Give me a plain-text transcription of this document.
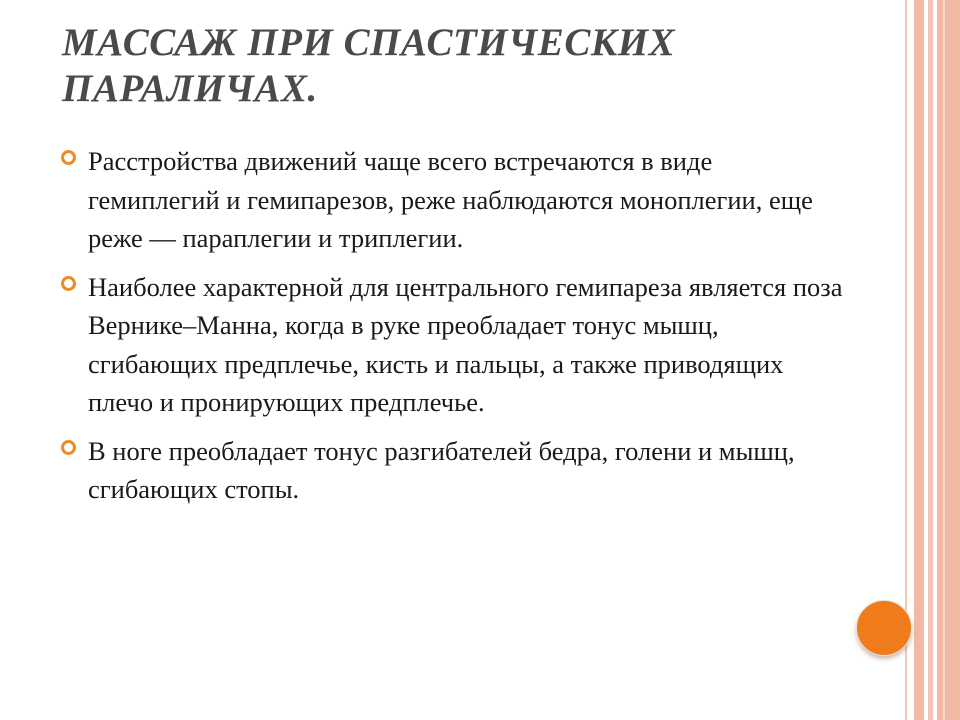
МАССАЖ ПРИ СПАСТИЧЕСКИХ ПАРАЛИЧАХ.
Расстройства движений чаще всего встречаются в виде гемиплегий и гемипарезов, реже наблюдаются моноплегии, еще реже — параплегии и триплегии.
Наиболее характерной для центрального гемипареза является поза Вернике–Манна, когда в руке преобладает тонус мышц, сгибающих предплечье, кисть и пальцы, а также приводящих плечо и пронирующих предплечье.
В ноге преобладает тонус разгибателей бедра, голени и мышц, сгибающих стопы.
